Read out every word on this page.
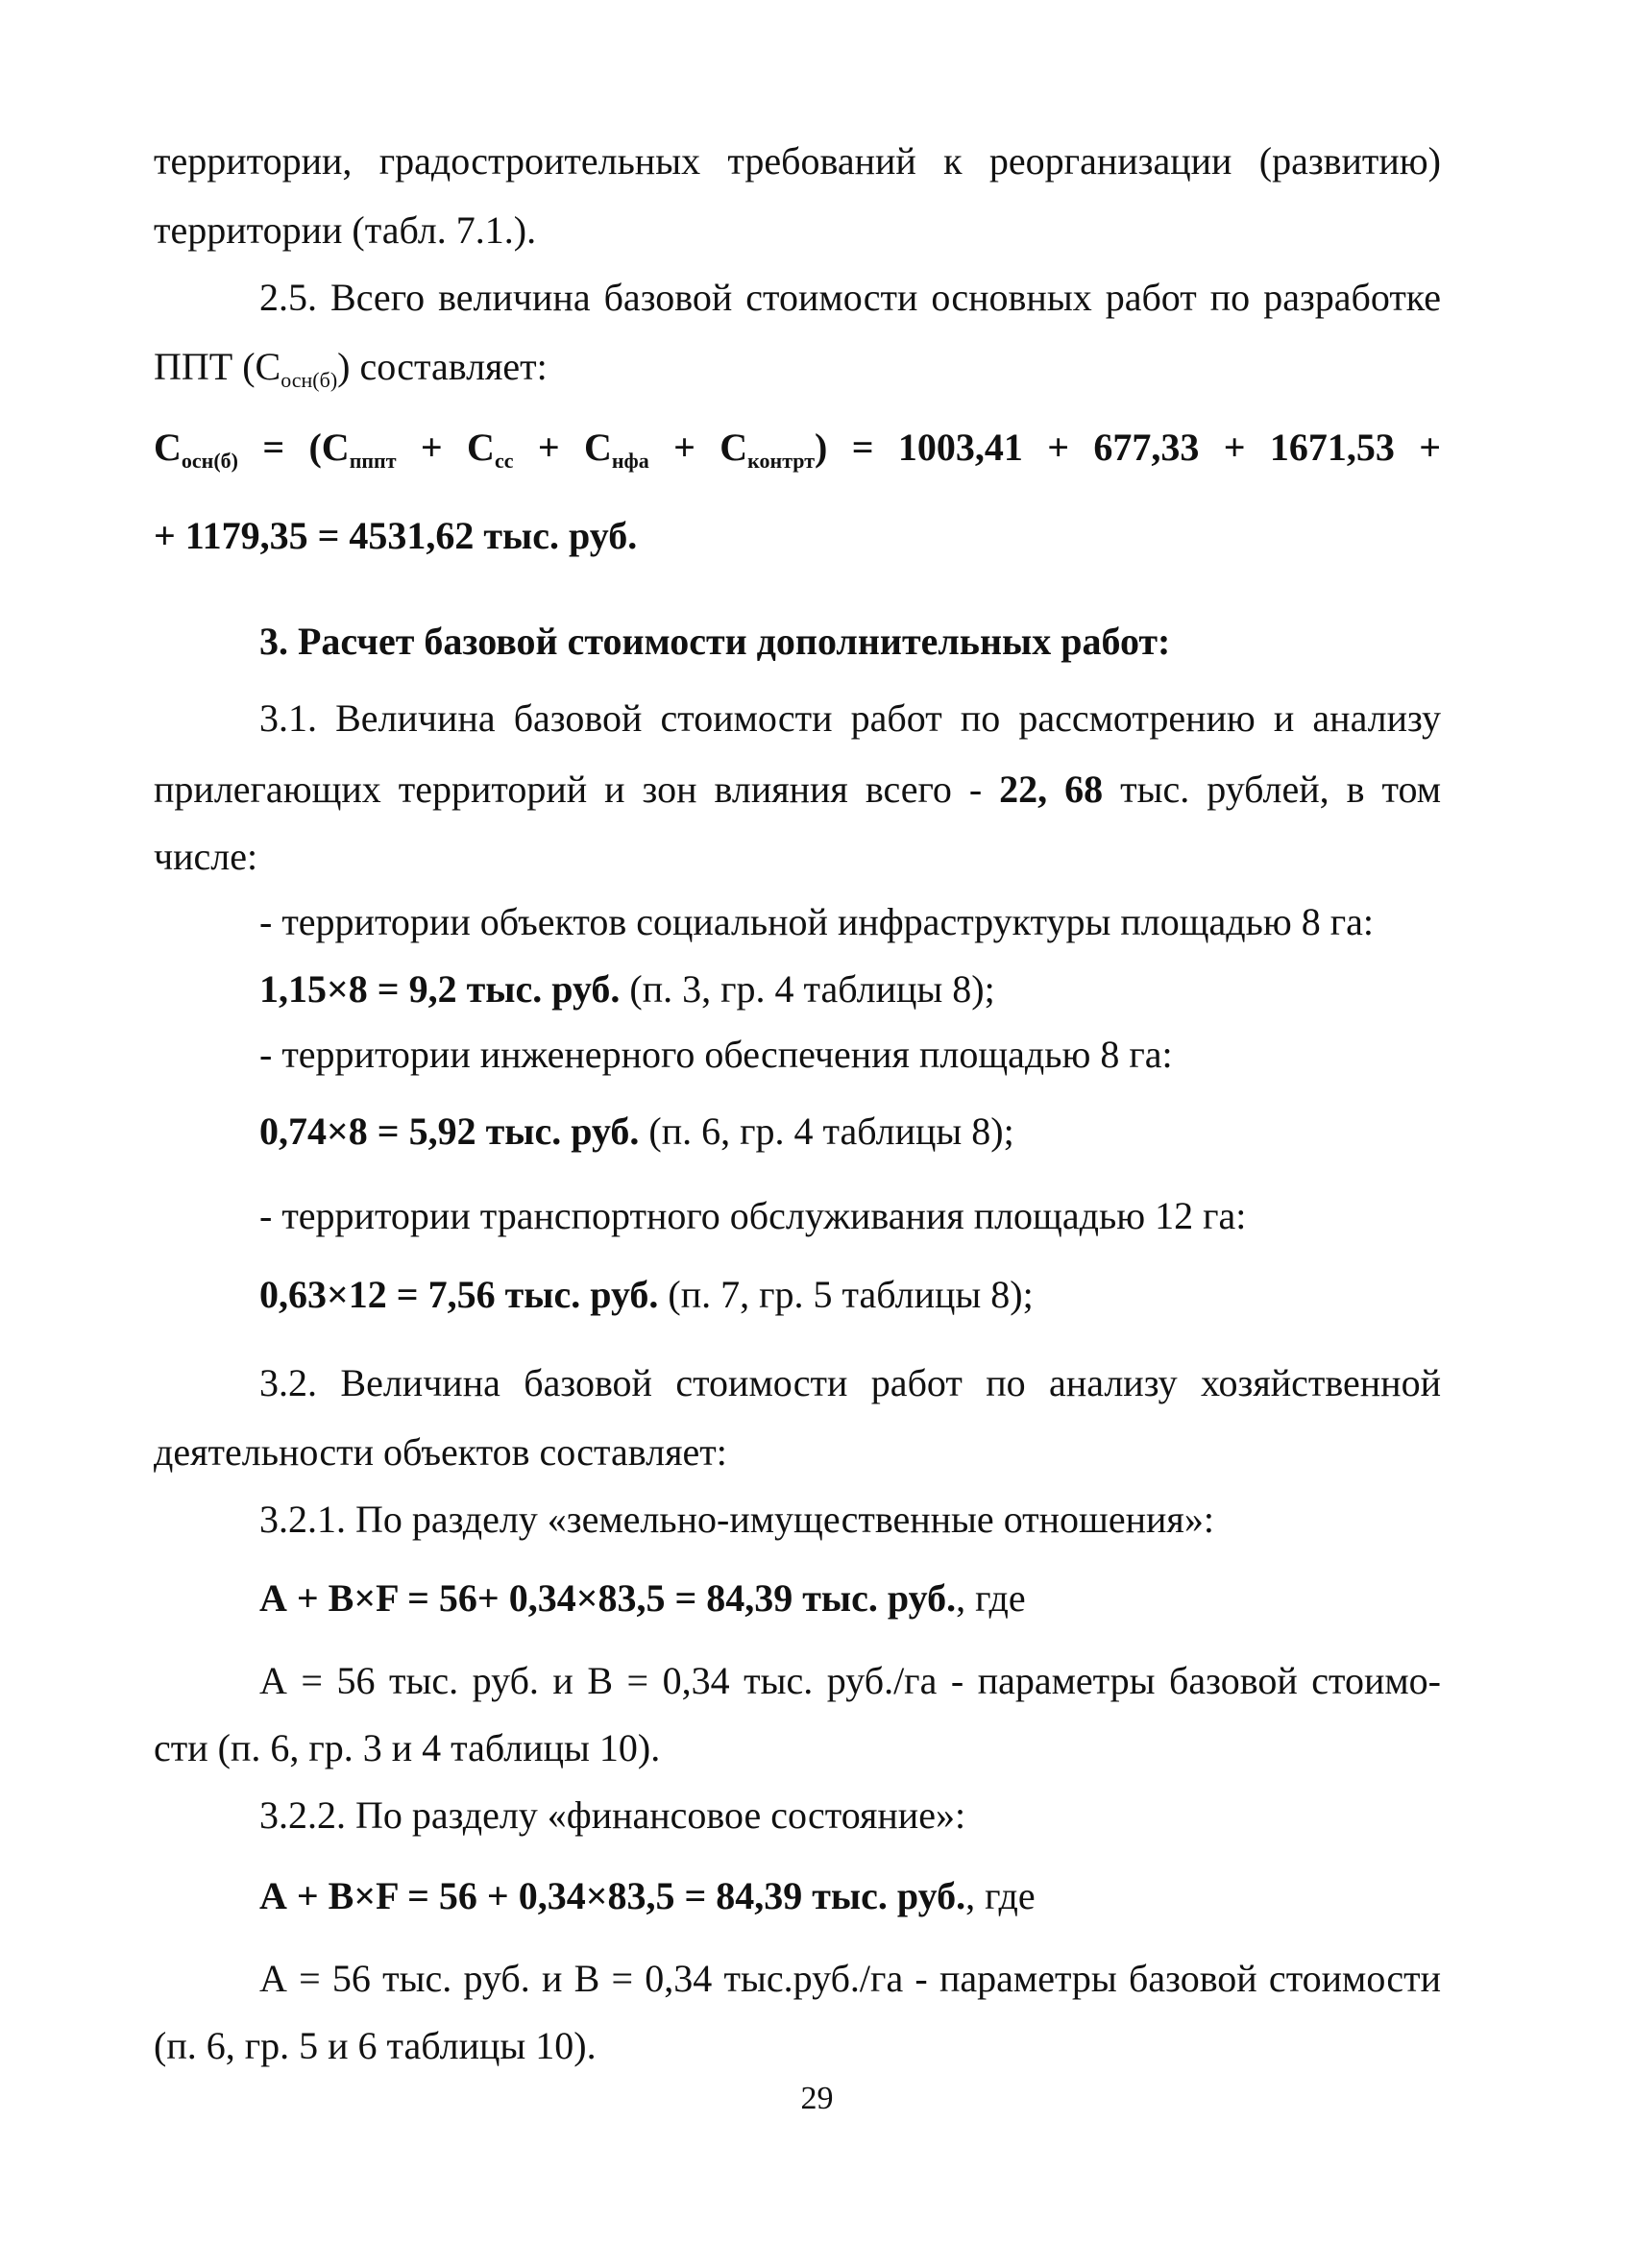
территории, градостроительных требований к реорганизации (развитию)
территории (табл. 7.1.).
2.5. Всего величина базовой стоимости основных работ по разработке
ППТ $(С_{осн(б)})$ составляет:
$С_{осн(б)} = (С_{пппт} + С_{сс} + С_{нфа} + С_{контрт}) = 1003,41 + 677,33 + 1671,53$ +
+ 1179,35 = 4531,62 тыс. руб.
3. Расчет базовой стоимости дополнительных работ:
3.1. Величина базовой стоимости работ по рассмотрению и анализу
прилегающих территорий и зон влияния всего - 22, 68 тыс. рублей, в том
числе:
- территории объектов социальной инфраструктуры площадью 8 га:
1,15×8 = 9,2 тыс. руб. (п. 3, гр. 4 таблицы 8);
- территории инженерного обеспечения площадью 8 га:
0,74×8 = 5,92 тыс. руб. (п. 6, гр. 4 таблицы 8);
- территории транспортного обслуживания площадью 12 га:
0,63×12 = 7,56 тыс. руб. (п. 7, гр. 5 таблицы 8);
3.2. Величина базовой стоимости работ по анализу хозяйственной
деятельности объектов составляет:
3.2.1. По разделу «земельно-имущественные отношения»:
А + В×F = 56+ 0,34×83,5 = 84,39 тыс. руб., где
А = 56 тыс. руб. и В = 0,34 тыс. руб./га - параметры базовой стоимо-
сти (п. 6, гр. 3 и 4 таблицы 10).
3.2.2. По разделу «финансовое состояние»:
А + В×F = 56 + 0,34×83,5 = 84,39 тыс. руб., где
А = 56 тыс. руб. и В = 0,34 тыс.руб./га - параметры базовой стоимости
(п. 6, гр. 5 и 6 таблицы 10).
29
